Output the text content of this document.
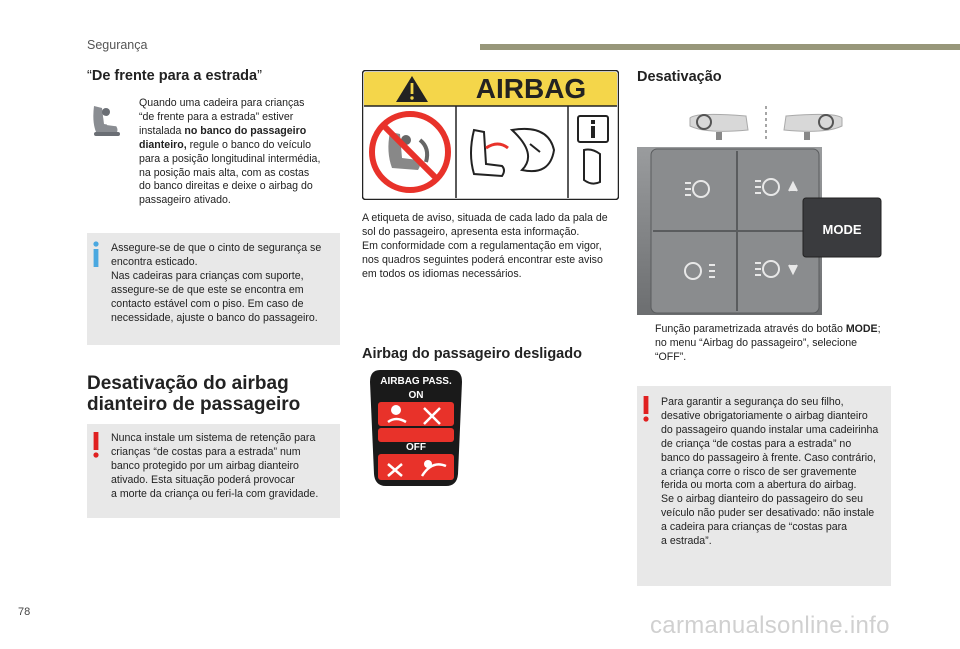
Segurança
“De frente para a estrada”
Quando uma cadeira para crianças
“de frente para a estrada” estiver
instalada no banco do passageiro
dianteiro, regule o banco do veículo
para a posição longitudinal intermédia,
na posição mais alta, com as costas
do banco direitas e deixe o airbag do
passageiro ativado.
Assegure-se de que o cinto de segurança se
encontra esticado.
Nas cadeiras para crianças com suporte,
assegure-se de que este se encontra em
contacto estável com o piso. Em caso de
necessidade, ajuste o banco do passageiro.
Desativação do airbag
dianteiro de passageiro
Nunca instale um sistema de retenção para
crianças “de costas para a estrada” num
banco protegido por um airbag dianteiro
ativado. Esta situação poderá provocar
a morte da criança ou feri-la com gravidade.
AIRBAG
A etiqueta de aviso, situada de cada lado da pala de
sol do passageiro, apresenta esta informação.
Em conformidade com a regulamentação em vigor,
nos quadros seguintes poderá encontrar este aviso
em todos os idiomas necessários.
Airbag do passageiro desligado
AIRBAG PASS.
ON
OFF
Desativação
MODE
Função parametrizada através do botão MODE;
no menu “Airbag do passageiro”, selecione
“OFF”.
Para garantir a segurança do seu filho,
desative obrigatoriamente o airbag dianteiro
do passageiro quando instalar uma cadeirinha
de criança “de costas para a estrada” no
banco do passageiro à frente. Caso contrário,
a criança corre o risco de ser gravemente
ferida ou morta com a abertura do airbag.
Se o airbag dianteiro do passageiro do seu
veículo não puder ser desativado: não instale
a cadeira para crianças de “costas para
a estrada”.
78	carmanualsonline.info
